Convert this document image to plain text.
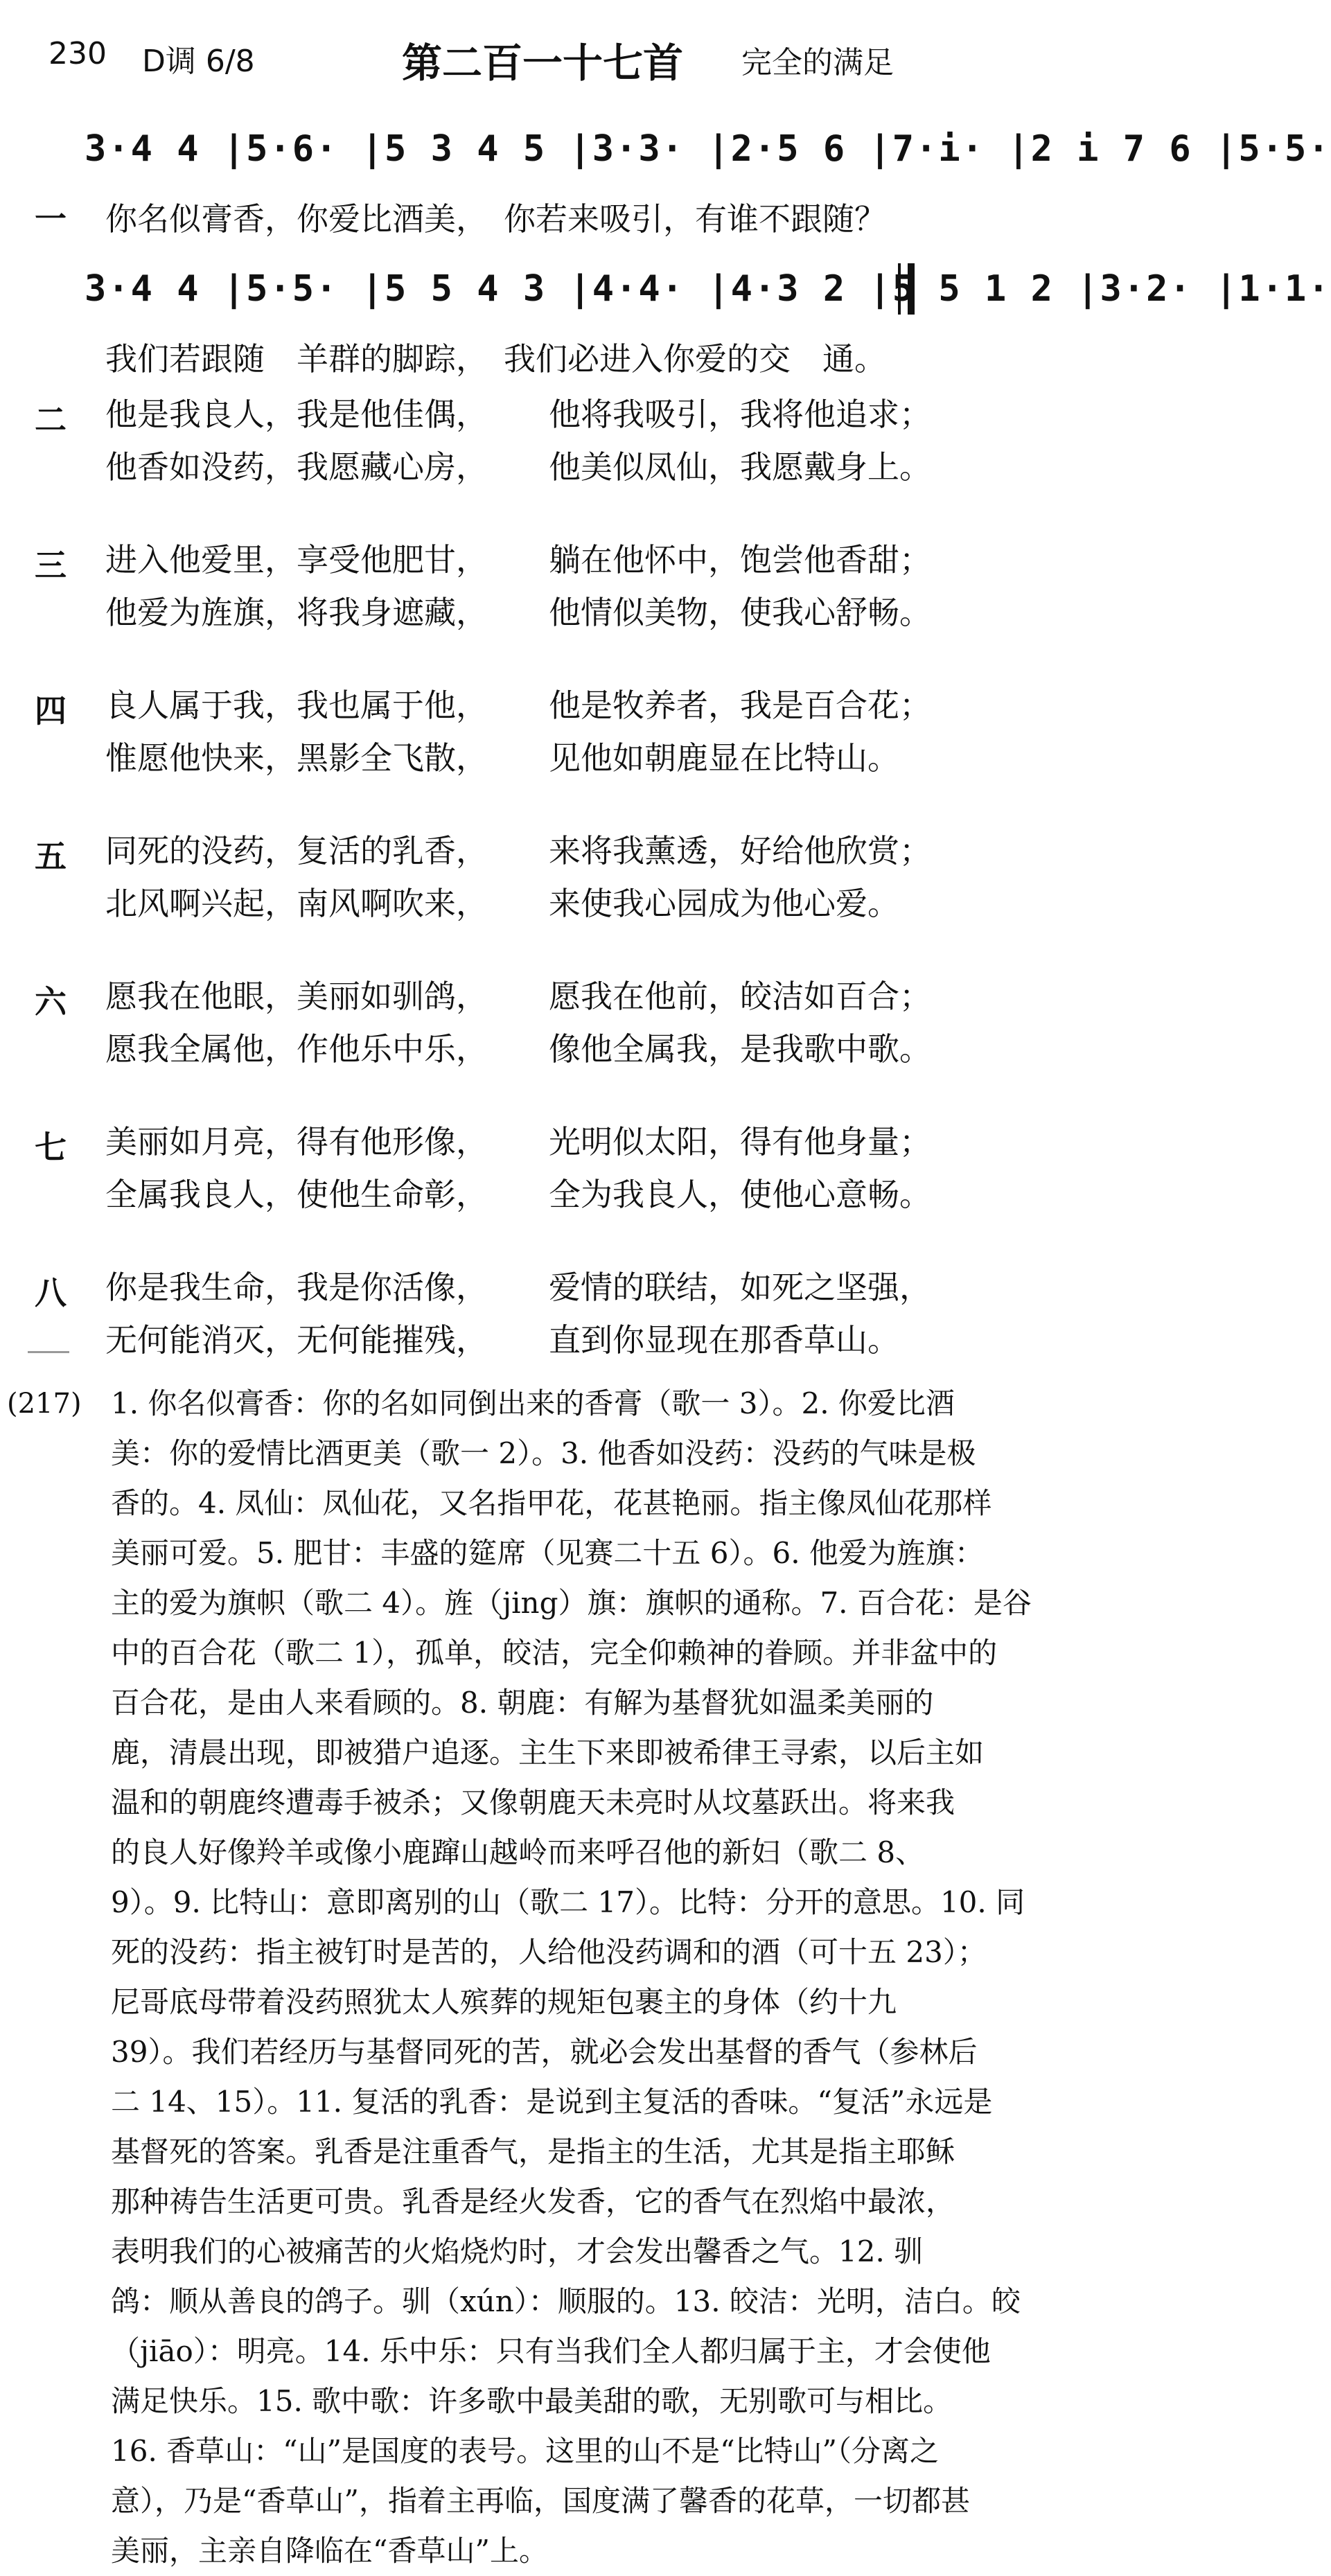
230 D调 6/8	第二百一十七首 完全的满足
3·4 4 |5·6· |5 3 4 5 |3·3· |2·5 6 |7·i· |2 i 7 6 |5·5·
一 你名似膏香，你爱比酒美，　你若来吸引，有谁不跟随？
3·4 4 |5·5· |5 5 4 3 |4·4· |4·3 2 |5 5 1 2 |3·2· |1·1·
我们若跟随　羊群的脚踪，　我们必进入你爱的交　通。
二 他是我良人，我是他佳偶， 他将我吸引，我将他追求；
他香如没药，我愿藏心房， 他美似凤仙，我愿戴身上。
三 进入他爱里，享受他肥甘， 躺在他怀中，饱尝他香甜；
他爱为旌旗，将我身遮藏， 他情似美物，使我心舒畅。
四 良人属于我，我也属于他， 他是牧养者，我是百合花；
惟愿他快来，黑影全飞散， 见他如朝鹿显在比特山。
五 同死的没药，复活的乳香， 来将我薰透，好给他欣赏；
北风啊兴起，南风啊吹来， 来使我心园成为他心爱。
六 愿我在他眼，美丽如驯鸽， 愿我在他前，皎洁如百合；
愿我全属他，作他乐中乐， 像他全属我，是我歌中歌。
七 美丽如月亮，得有他形像， 光明似太阳，得有他身量；
全属我良人，使他生命彰， 全为我良人，使他心意畅。
八 你是我生命，我是你活像， 爱情的联结，如死之坚强，
无何能消灭，无何能摧残， 直到你显现在那香草山。
(217)	1. 你名似膏香：你的名如同倒出来的香膏（歌一 3）。2. 你爱比酒
美：你的爱情比酒更美（歌一 2）。3. 他香如没药：没药的气味是极
香的。4. 凤仙：凤仙花，又名指甲花，花甚艳丽。指主像凤仙花那样
美丽可爱。5. 肥甘：丰盛的筵席（见赛二十五 6）。6. 他爱为旌旗：
主的爱为旗帜（歌二 4）。旌（jing）旗：旗帜的通称。7. 百合花：是谷
中的百合花（歌二 1），孤单，皎洁，完全仰赖神的眷顾。并非盆中的
百合花，是由人来看顾的。8. 朝鹿：有解为基督犹如温柔美丽的
鹿，清晨出现，即被猎户追逐。主生下来即被希律王寻索，以后主如
温和的朝鹿终遭毒手被杀；又像朝鹿天未亮时从坟墓跃出。将来我
的良人好像羚羊或像小鹿蹿山越岭而来呼召他的新妇（歌二 8、
9）。9. 比特山：意即离别的山（歌二 17）。比特：分开的意思。10. 同
死的没药：指主被钉时是苦的，人给他没药调和的酒（可十五 23）；
尼哥底母带着没药照犹太人殡葬的规矩包裹主的身体（约十九
39）。我们若经历与基督同死的苦，就必会发出基督的香气（参林后
二 14、15）。11. 复活的乳香：是说到主复活的香味。“复活”永远是
基督死的答案。乳香是注重香气，是指主的生活，尤其是指主耶稣
那种祷告生活更可贵。乳香是经火发香，它的香气在烈焰中最浓，
表明我们的心被痛苦的火焰烧灼时，才会发出馨香之气。12. 驯
鸽：顺从善良的鸽子。驯（xún）：顺服的。13. 皎洁：光明，洁白。皎
（jiāo）：明亮。14. 乐中乐：只有当我们全人都归属于主，才会使他
满足快乐。15. 歌中歌：许多歌中最美甜的歌，无别歌可与相比。
16. 香草山：“山”是国度的表号。这里的山不是“比特山”（分离之
意），乃是“香草山”，指着主再临，国度满了馨香的花草，一切都甚
美丽，主亲自降临在“香草山”上。
